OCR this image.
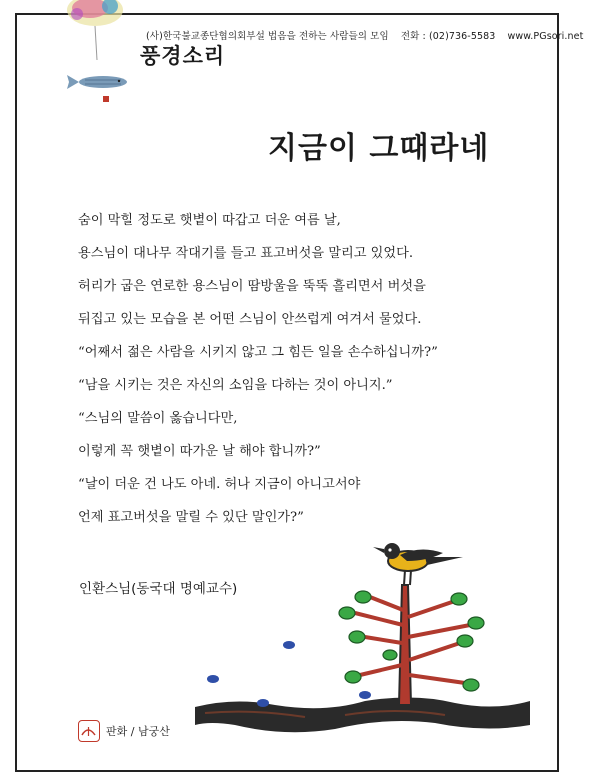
(사)한국불교종단협의회부설 법음을 전하는 사람들의 모임 전화 : (02)736-5583 www.PGsori.net
풍경소리
지금이 그때라네
숨이 막힐 정도로 햇볕이 따갑고 더운 여름 날,
용스님이 대나무 작대기를 들고 표고버섯을 말리고 있었다.
허리가 굽은 연로한 용스님이 땀방울을 뚝뚝 흘리면서 버섯을
뒤집고 있는 모습을 본 어떤 스님이 안쓰럽게 여겨서 물었다.
“어째서 젊은 사람을 시키지 않고 그 힘든 일을 손수하십니까?”
“남을 시키는 것은 자신의 소임을 다하는 것이 아니지.”
“스님의 말씀이 옳습니다만,
이렇게 꼭 햇볕이 따가운 날 해야 합니까?”
“날이 더운 건 나도 아네. 허나 지금이 아니고서야
언제 표고버섯을 말릴 수 있단 말인가?”
인환스님(동국대 명예교수)
판화 / 남궁산
